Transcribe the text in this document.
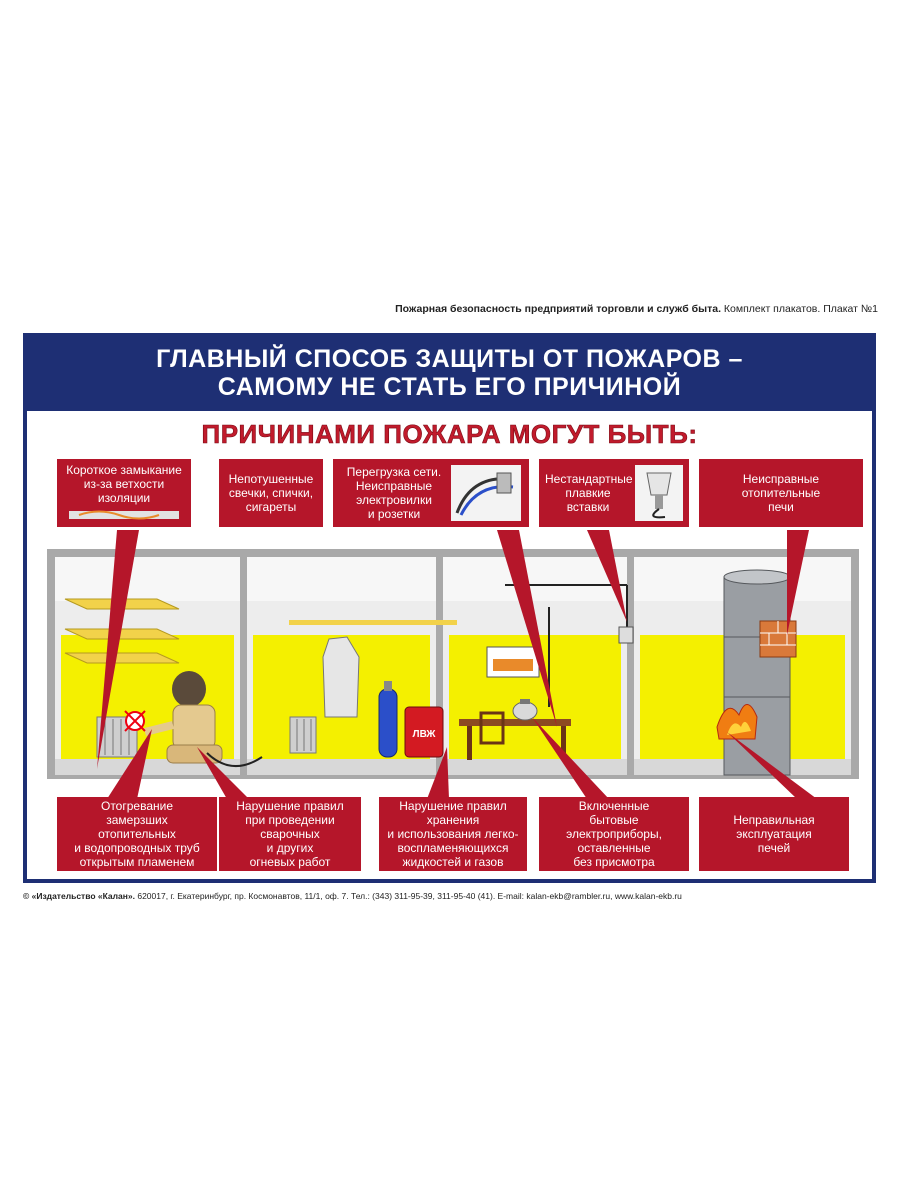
Пожарная безопасность предприятий торговли и служб быта. Комплект плакатов. Плакат №1
ГЛАВНЫЙ СПОСОБ ЗАЩИТЫ ОТ ПОЖАРОВ –
САМОМУ НЕ СТАТЬ ЕГО ПРИЧИНОЙ
ПРИЧИНАМИ ПОЖАРА МОГУТ БЫТЬ:
ЛВЖ
Короткое замыкание
из-за ветхости
изоляции
Непотушенные
свечки, спички,
сигареты
Перегрузка сети.
Неисправные
электровилки
и розетки
Нестандартные
плавкие
вставки
Неисправные
отопительные
печи
Отогревание
замерзших
отопительных
и водопроводных труб
открытым пламенем
Нарушение правил
при проведении
сварочных
и других
огневых работ
Нарушение правил
хранения
и использования легко-
воспламеняющихся
жидкостей и газов
Включенные
бытовые
электроприборы,
оставленные
без присмотра
Неправильная
эксплуатация
печей
© «Издательство «Калан». 620017, г. Екатеринбург, пр. Космонавтов, 11/1, оф. 7. Тел.: (343) 311-95-39, 311-95-40 (41). E-mail: kalan-ekb@rambler.ru, www.kalan-ekb.ru
